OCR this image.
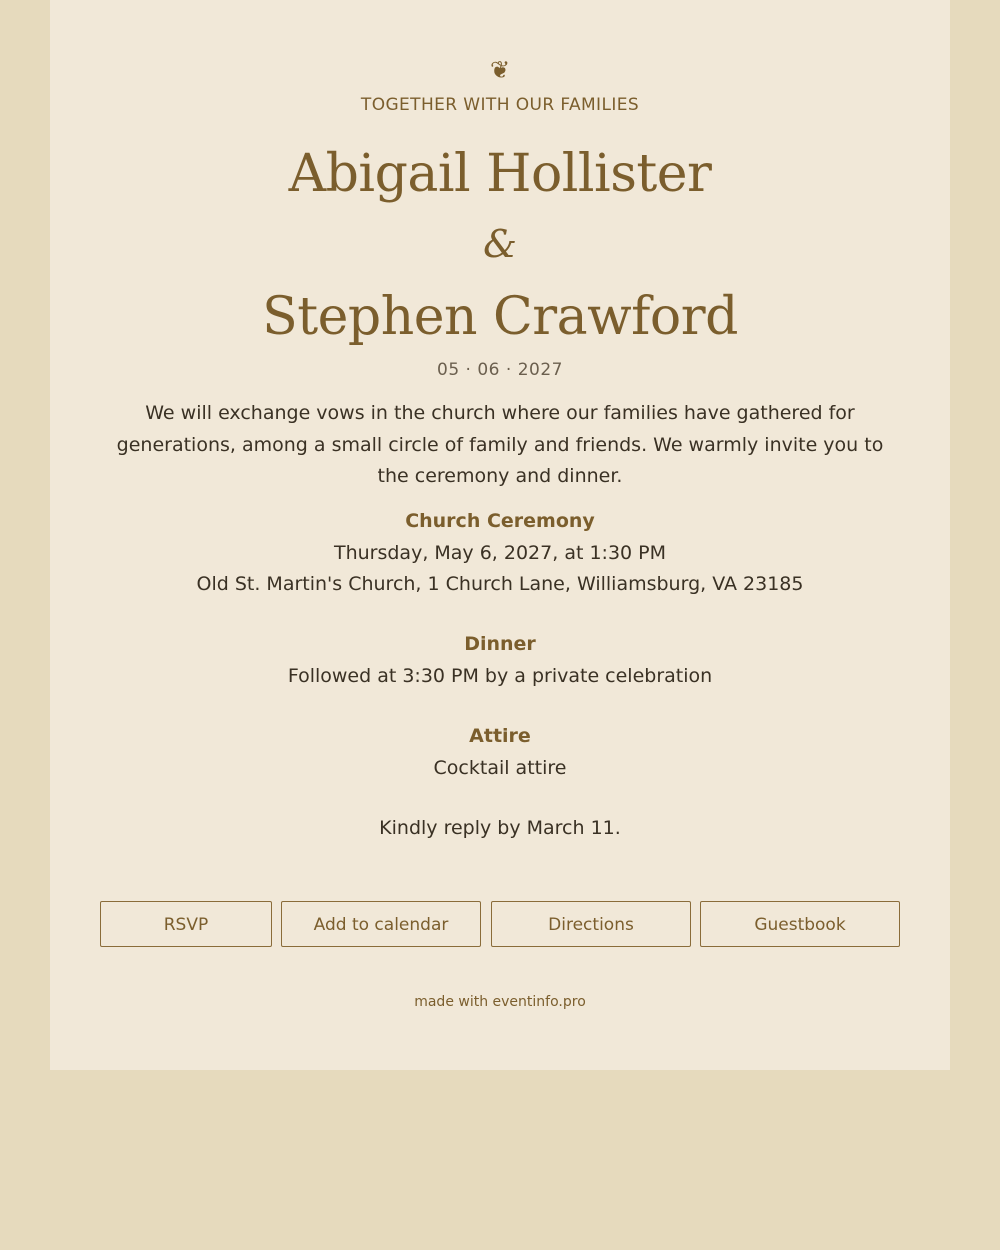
❦
TOGETHER WITH OUR FAMILIES
Abigail Hollister
&
Stephen Crawford
05 · 06 · 2027
We will exchange vows in the church where our families have gathered for generations, among a small circle of family and friends. We warmly invite you to the ceremony and dinner.
Church Ceremony
Thursday, May 6, 2027, at 1:30 PM
Old St. Martin's Church, 1 Church Lane, Williamsburg, VA 23185
Dinner
Followed at 3:30 PM by a private celebration
Attire
Cocktail attire
Kindly reply by March 11.
RSVP	Add to calendar	Directions	Guestbook
made with eventinfo.pro
